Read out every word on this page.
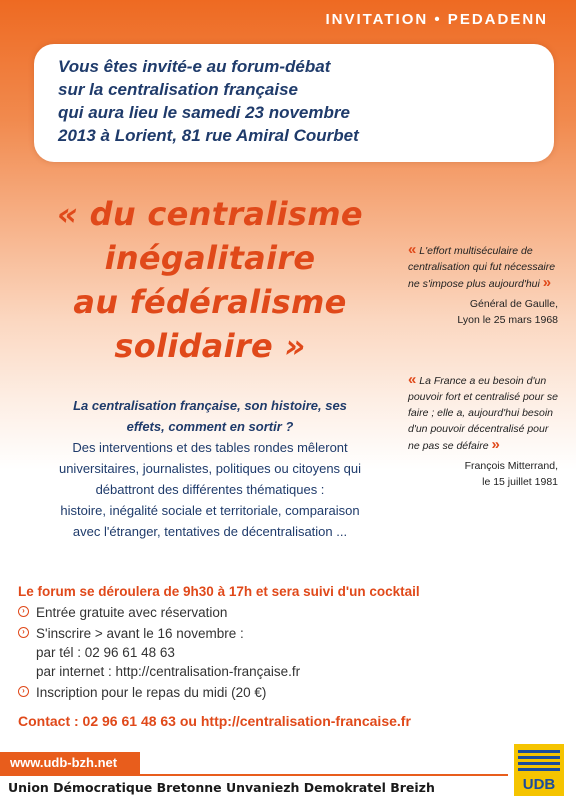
INVITATION • PEDADENN
Vous êtes invité-e au forum-débat
sur la centralisation française
qui aura lieu le samedi 23 novembre
2013 à Lorient, 81 rue Amiral Courbet
« du centralisme
inégalitaire
au fédéralisme
solidaire »
« L'effort multiséculaire de centralisation qui fut nécessaire ne s'impose plus aujourd'hui »
Général de Gaulle,
Lyon le 25 mars 1968
« La France a eu besoin d'un pouvoir fort et centralisé pour se faire ; elle a, aujourd'hui besoin d'un pouvoir décentralisé pour ne pas se défaire »
François Mitterrand,
le 15 juillet 1981
La centralisation française, son histoire, ses
effets, comment en sortir ?
Des interventions et des tables rondes mêleront
universitaires, journalistes, politiques ou citoyens qui
débattront des différentes thématiques :
histoire, inégalité sociale et territoriale, comparaison
avec l'étranger, tentatives de décentralisation ...
Le forum se déroulera de 9h30 à 17h et sera suivi d'un cocktail
› Entrée gratuite avec réservation
› S'inscrire > avant le 16 novembre :
par tél : 02 96 61 48 63
par internet : http://centralisation-française.fr
› Inscription pour le repas du midi (20 €)
Contact : 02 96 61 48 63 ou http://centralisation-francaise.fr
www.udb-bzh.net
Union Démocratique Bretonne Unvaniezh Demokratel Breizh	UDB
